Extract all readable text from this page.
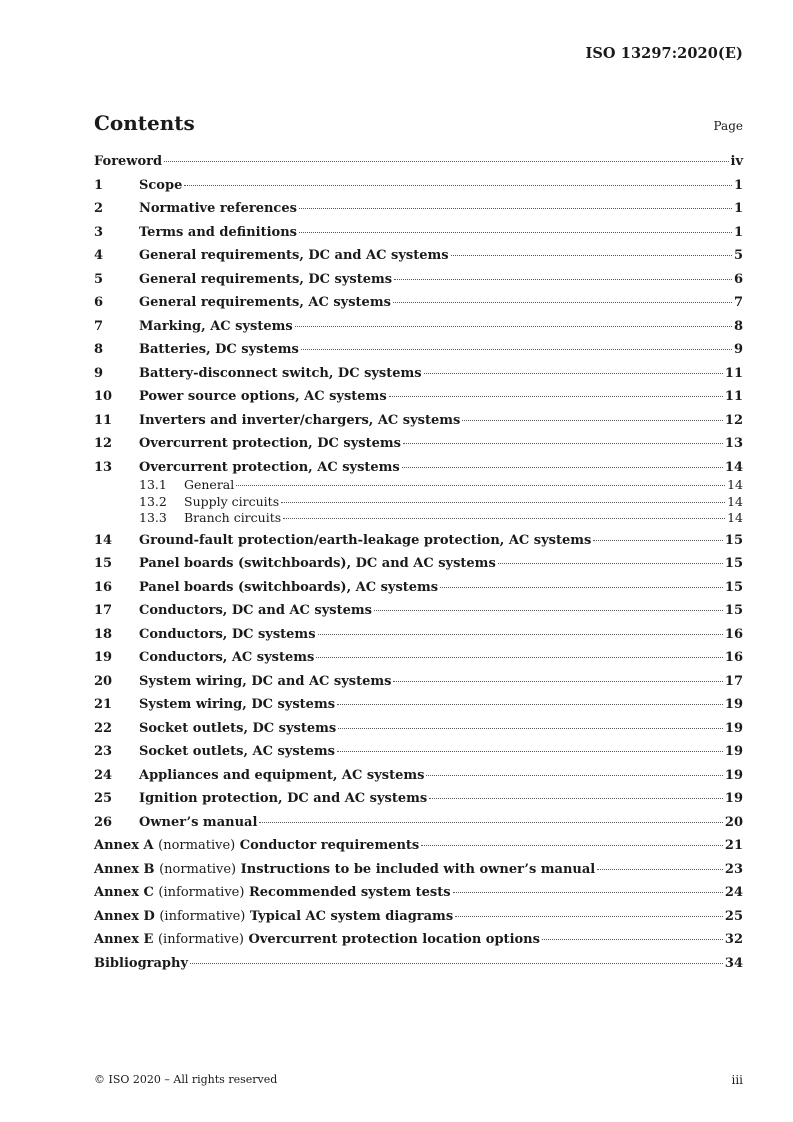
ISO 13297:2020(E)
Contents	Page
Foreword	iv
1	Scope	1
2	Normative references	1
3	Terms and definitions	1
4	General requirements, DC and AC systems	5
5	General requirements, DC systems	6
6	General requirements, AC systems	7
7	Marking, AC systems	8
8	Batteries, DC systems	9
9	Battery-disconnect switch, DC systems	11
10	Power source options, AC systems	11
11	Inverters and inverter/chargers, AC systems	12
12	Overcurrent protection, DC systems	13
13	Overcurrent protection, AC systems	14
13.1	General	14
13.2	Supply circuits	14
13.3	Branch circuits	14
14	Ground-fault protection/earth-leakage protection, AC systems	15
15	Panel boards (switchboards), DC and AC systems	15
16	Panel boards (switchboards), AC systems	15
17	Conductors, DC and AC systems	15
18	Conductors, DC systems	16
19	Conductors, AC systems	16
20	System wiring, DC and AC systems	17
21	System wiring, DC systems	19
22	Socket outlets, DC systems	19
23	Socket outlets, AC systems	19
24	Appliances and equipment, AC systems	19
25	Ignition protection, DC and AC systems	19
26	Owner’s manual	20
Annex A (normative) Conductor requirements	21
Annex B (normative) Instructions to be included with owner’s manual	23
Annex C (informative) Recommended system tests	24
Annex D (informative) Typical AC system diagrams	25
Annex E (informative) Overcurrent protection location options	32
Bibliography	34
© ISO 2020 – All rights reserved	iii
